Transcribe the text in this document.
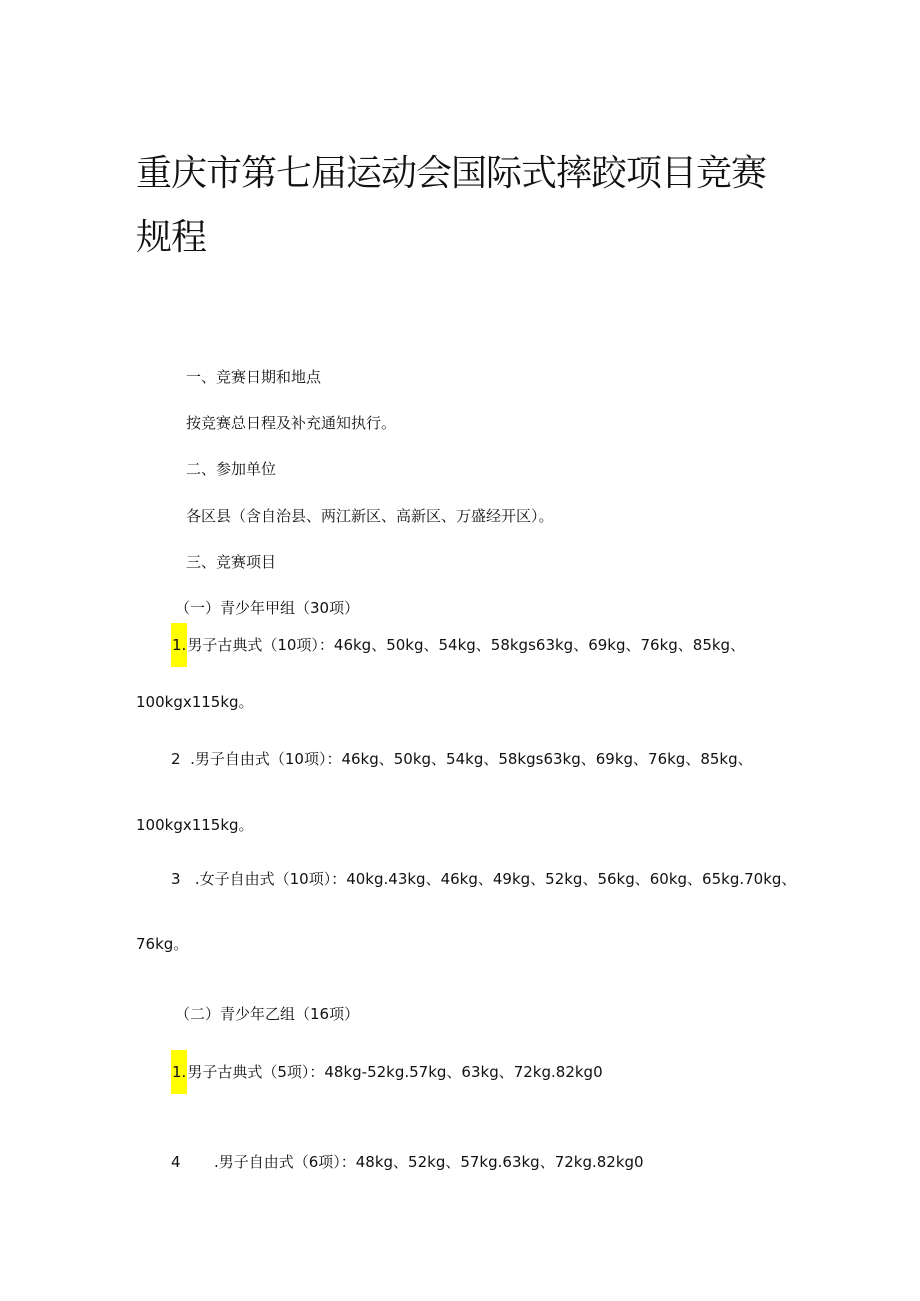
重庆市第七届运动会国际式摔跤项目竞赛规程

一、竞赛日期和地点

按竞赛总日程及补充通知执行。

二、参加单位

各区县（含自治县、两江新区、高新区、万盛经开区）。

三、竞赛项目

（一）青少年甲组（30项）

1.男子古典式（10项）：46kg、50kg、54kg、58kgs63kg、69kg、76kg、85kg、

100kgx115kg。

2 .男子自由式（10项）：46kg、50kg、54kg、58kgs63kg、69kg、76kg、85kg、

100kgx115kg。

3 .女子自由式（10项）：40kg.43kg、46kg、49kg、52kg、56kg、60kg、65kg.70kg、

76kg。

（二）青少年乙组（16项）

1.男子古典式（5项）：48kg-52kg.57kg、63kg、72kg.82kg0

4 .男子自由式（6项）：48kg、52kg、57kg.63kg、72kg.82kg0
